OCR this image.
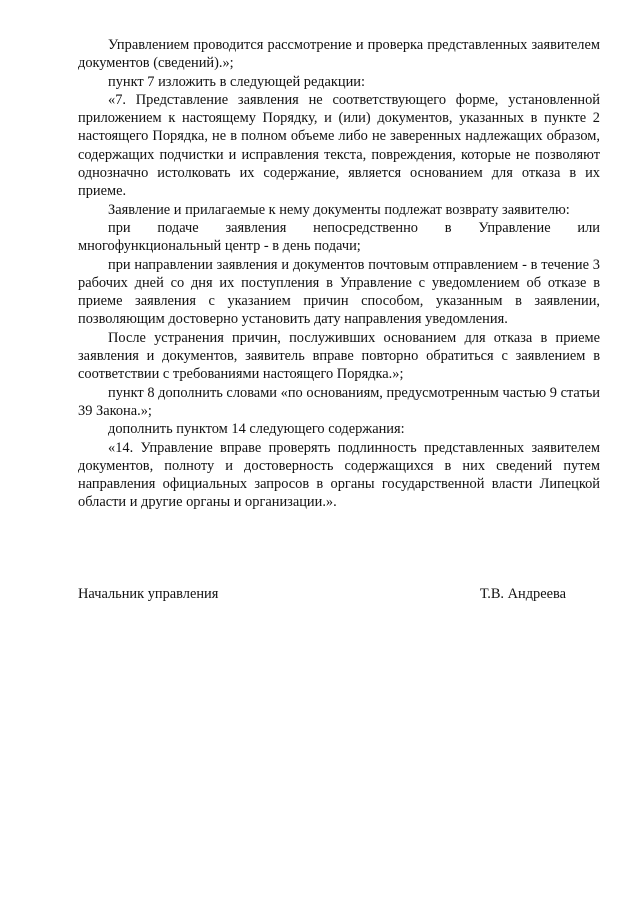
Управлением проводится рассмотрение и проверка представленных заявителем документов (сведений).»;

пункт 7 изложить в следующей редакции:

«7. Представление заявления не соответствующего форме, установленной приложением к настоящему Порядку, и (или) документов, указанных в пункте 2 настоящего Порядка, не в полном объеме либо не заверенных надлежащих образом, содержащих подчистки и исправления текста, повреждения, которые не позволяют однозначно истолковать их содержание, является основанием для отказа в их приеме.

Заявление и прилагаемые к нему документы подлежат возврату заявителю:

при подаче заявления непосредственно в Управление или многофункциональный центр - в день подачи;

при направлении заявления и документов почтовым отправлением - в течение 3 рабочих дней со дня их поступления в Управление с уведомлением об отказе в приеме заявления с указанием причин способом, указанным в заявлении, позволяющим достоверно установить дату направления уведомления.

После устранения причин, послуживших основанием для отказа в приеме заявления и документов, заявитель вправе повторно обратиться с заявлением в соответствии с требованиями настоящего Порядка.»;

пункт 8 дополнить словами «по основаниям, предусмотренным частью 9 статьи 39 Закона.»;

дополнить пунктом 14 следующего содержания:

«14. Управление вправе проверять подлинность представленных заявителем документов, полноту и достоверность содержащихся в них сведений путем направления официальных запросов в органы государственной власти Липецкой области и другие органы и организации.».

Начальник управления	Т.В. Андреева
